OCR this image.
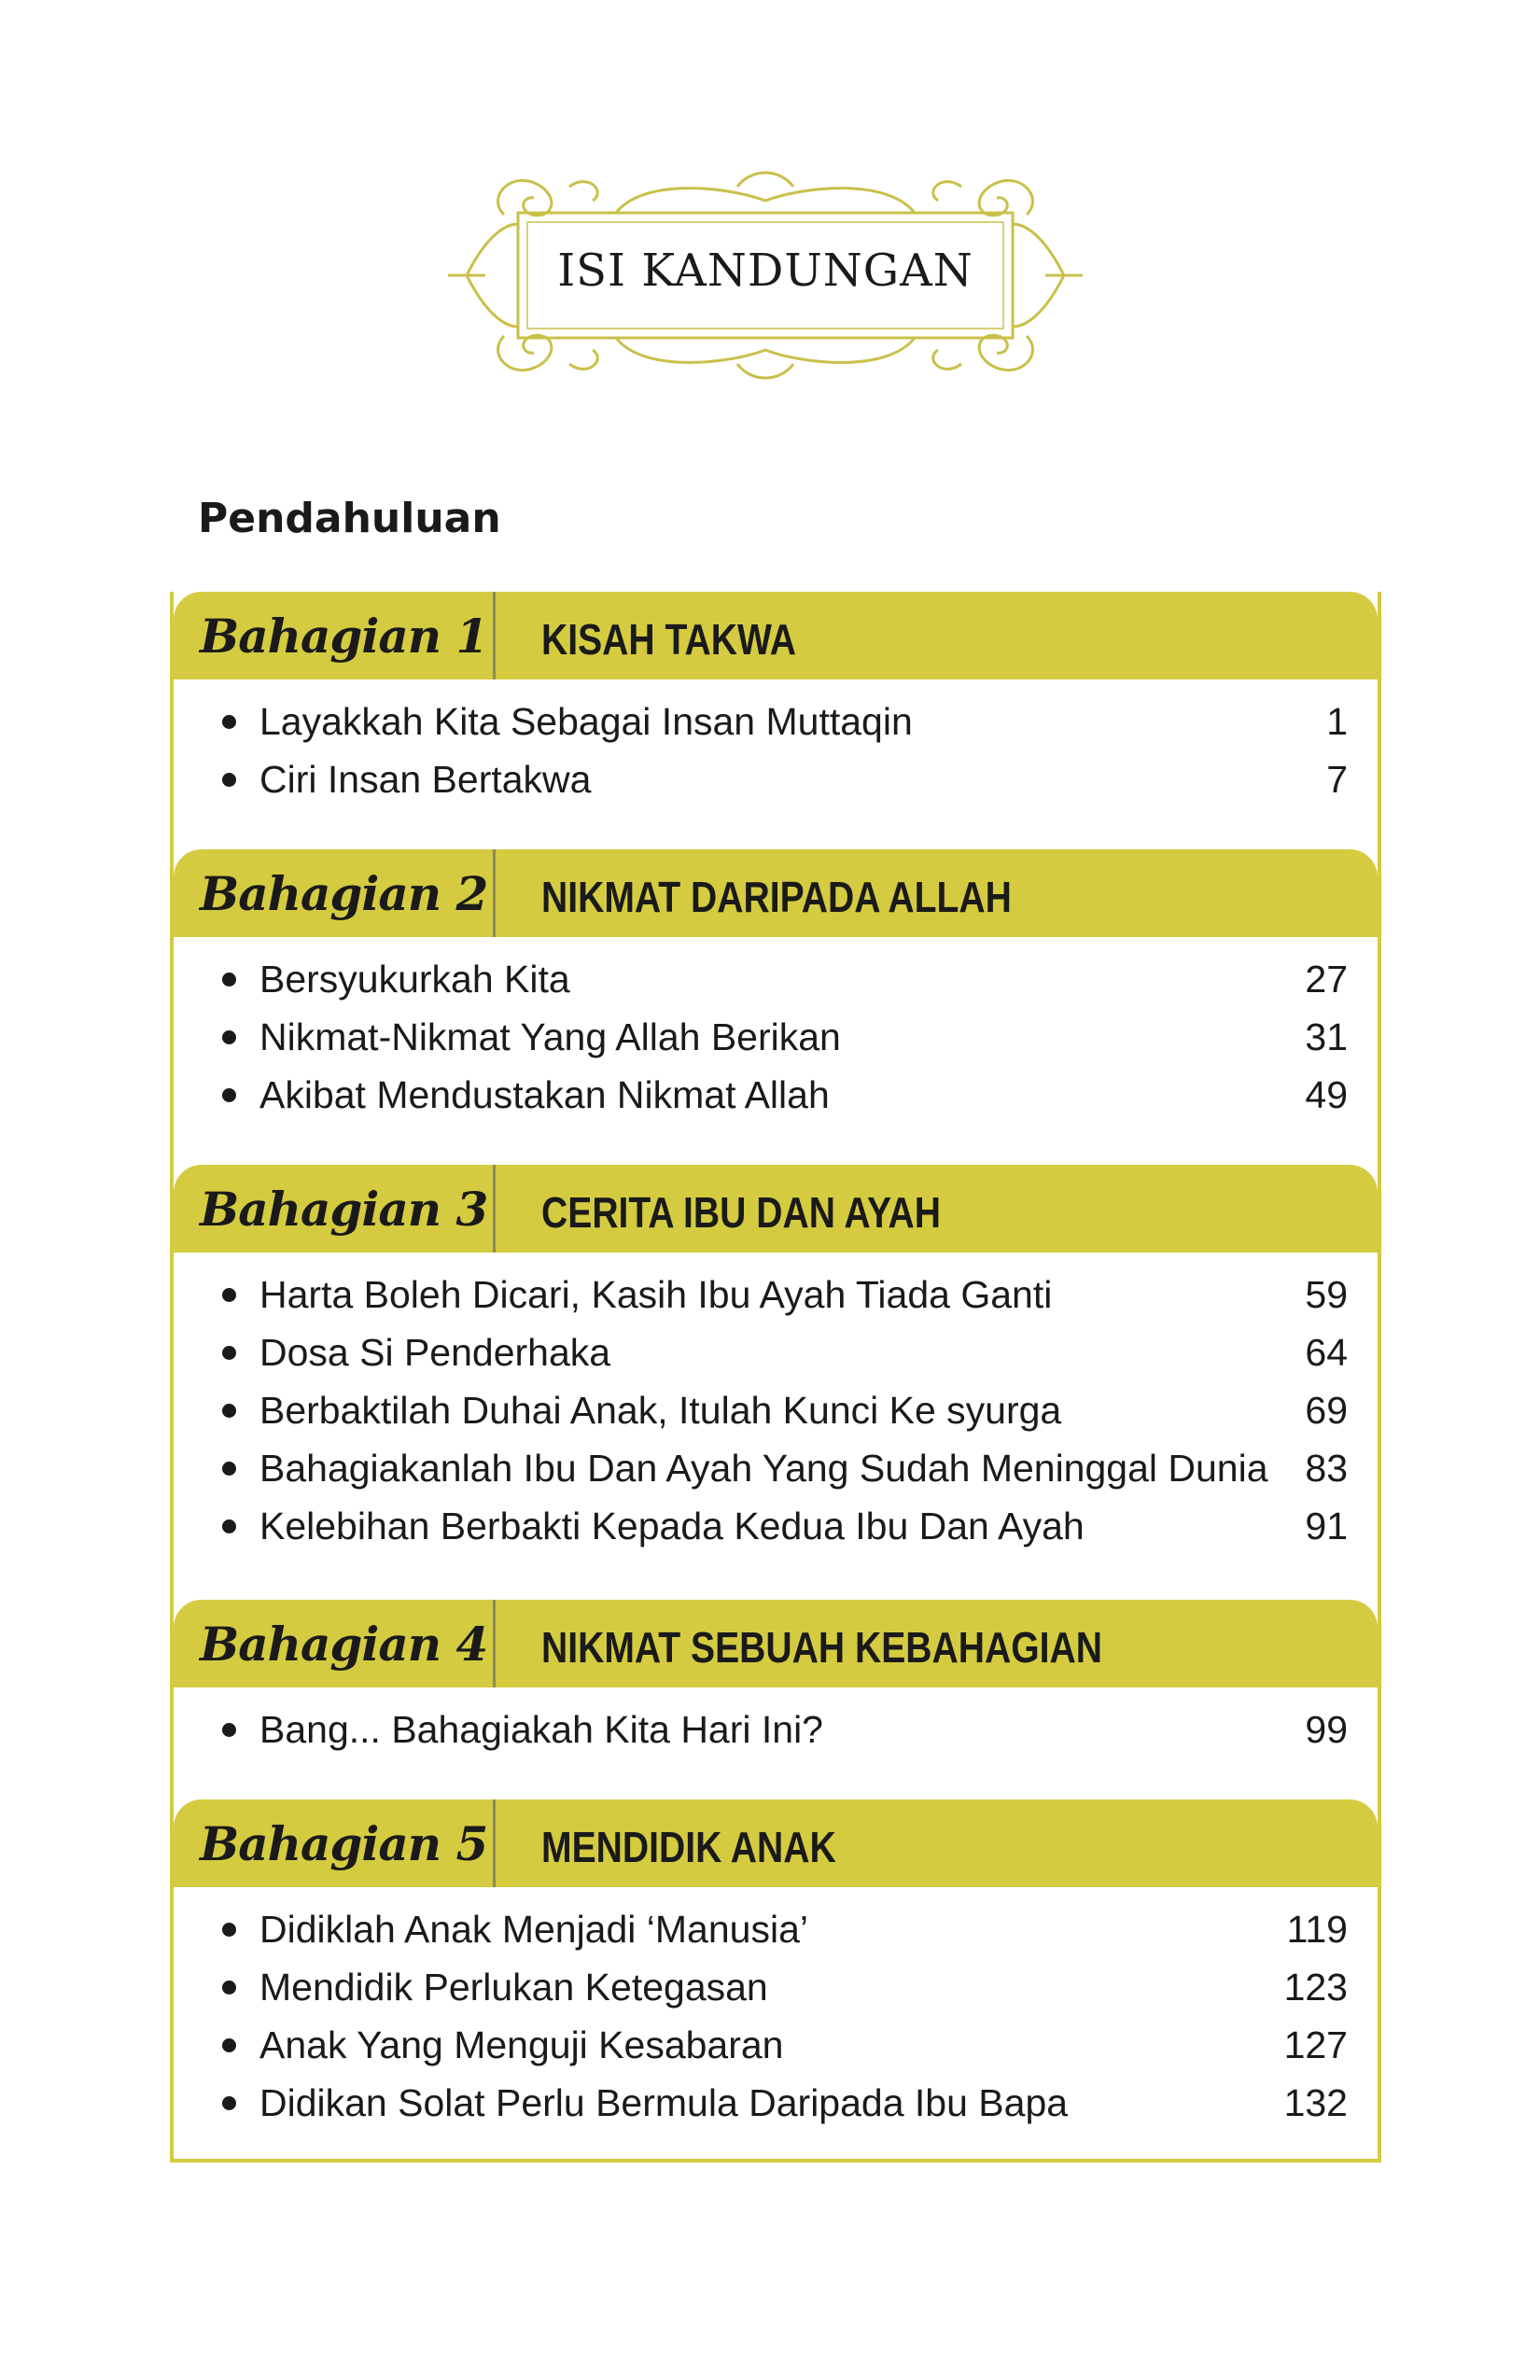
ISI KANDUNGAN
Pendahuluan
Bahagian 1 KISAH TAKWA
Layakkah Kita Sebagai Insan Muttaqin	1
Ciri Insan Bertakwa	7
Bahagian 2 NIKMAT DARIPADA ALLAH
Bersyukurkah Kita	27
Nikmat-Nikmat Yang Allah Berikan	31
Akibat Mendustakan Nikmat Allah	49
Bahagian 3 CERITA IBU DAN AYAH
Harta Boleh Dicari, Kasih Ibu Ayah Tiada Ganti	59
Dosa Si Penderhaka	64
Berbaktilah Duhai Anak, Itulah Kunci Ke syurga	69
Bahagiakanlah Ibu Dan Ayah Yang Sudah Meninggal Dunia 83
Kelebihan Berbakti Kepada Kedua Ibu Dan Ayah	91
Bahagian 4 NIKMAT SEBUAH KEBAHAGIAN
Bang... Bahagiakah Kita Hari Ini?	99
Bahagian 5 MENDIDIK ANAK
Didiklah Anak Menjadi ‘Manusia’	119
Mendidik Perlukan Ketegasan	123
Anak Yang Menguji Kesabaran	127
Didikan Solat Perlu Bermula Daripada Ibu Bapa	132
